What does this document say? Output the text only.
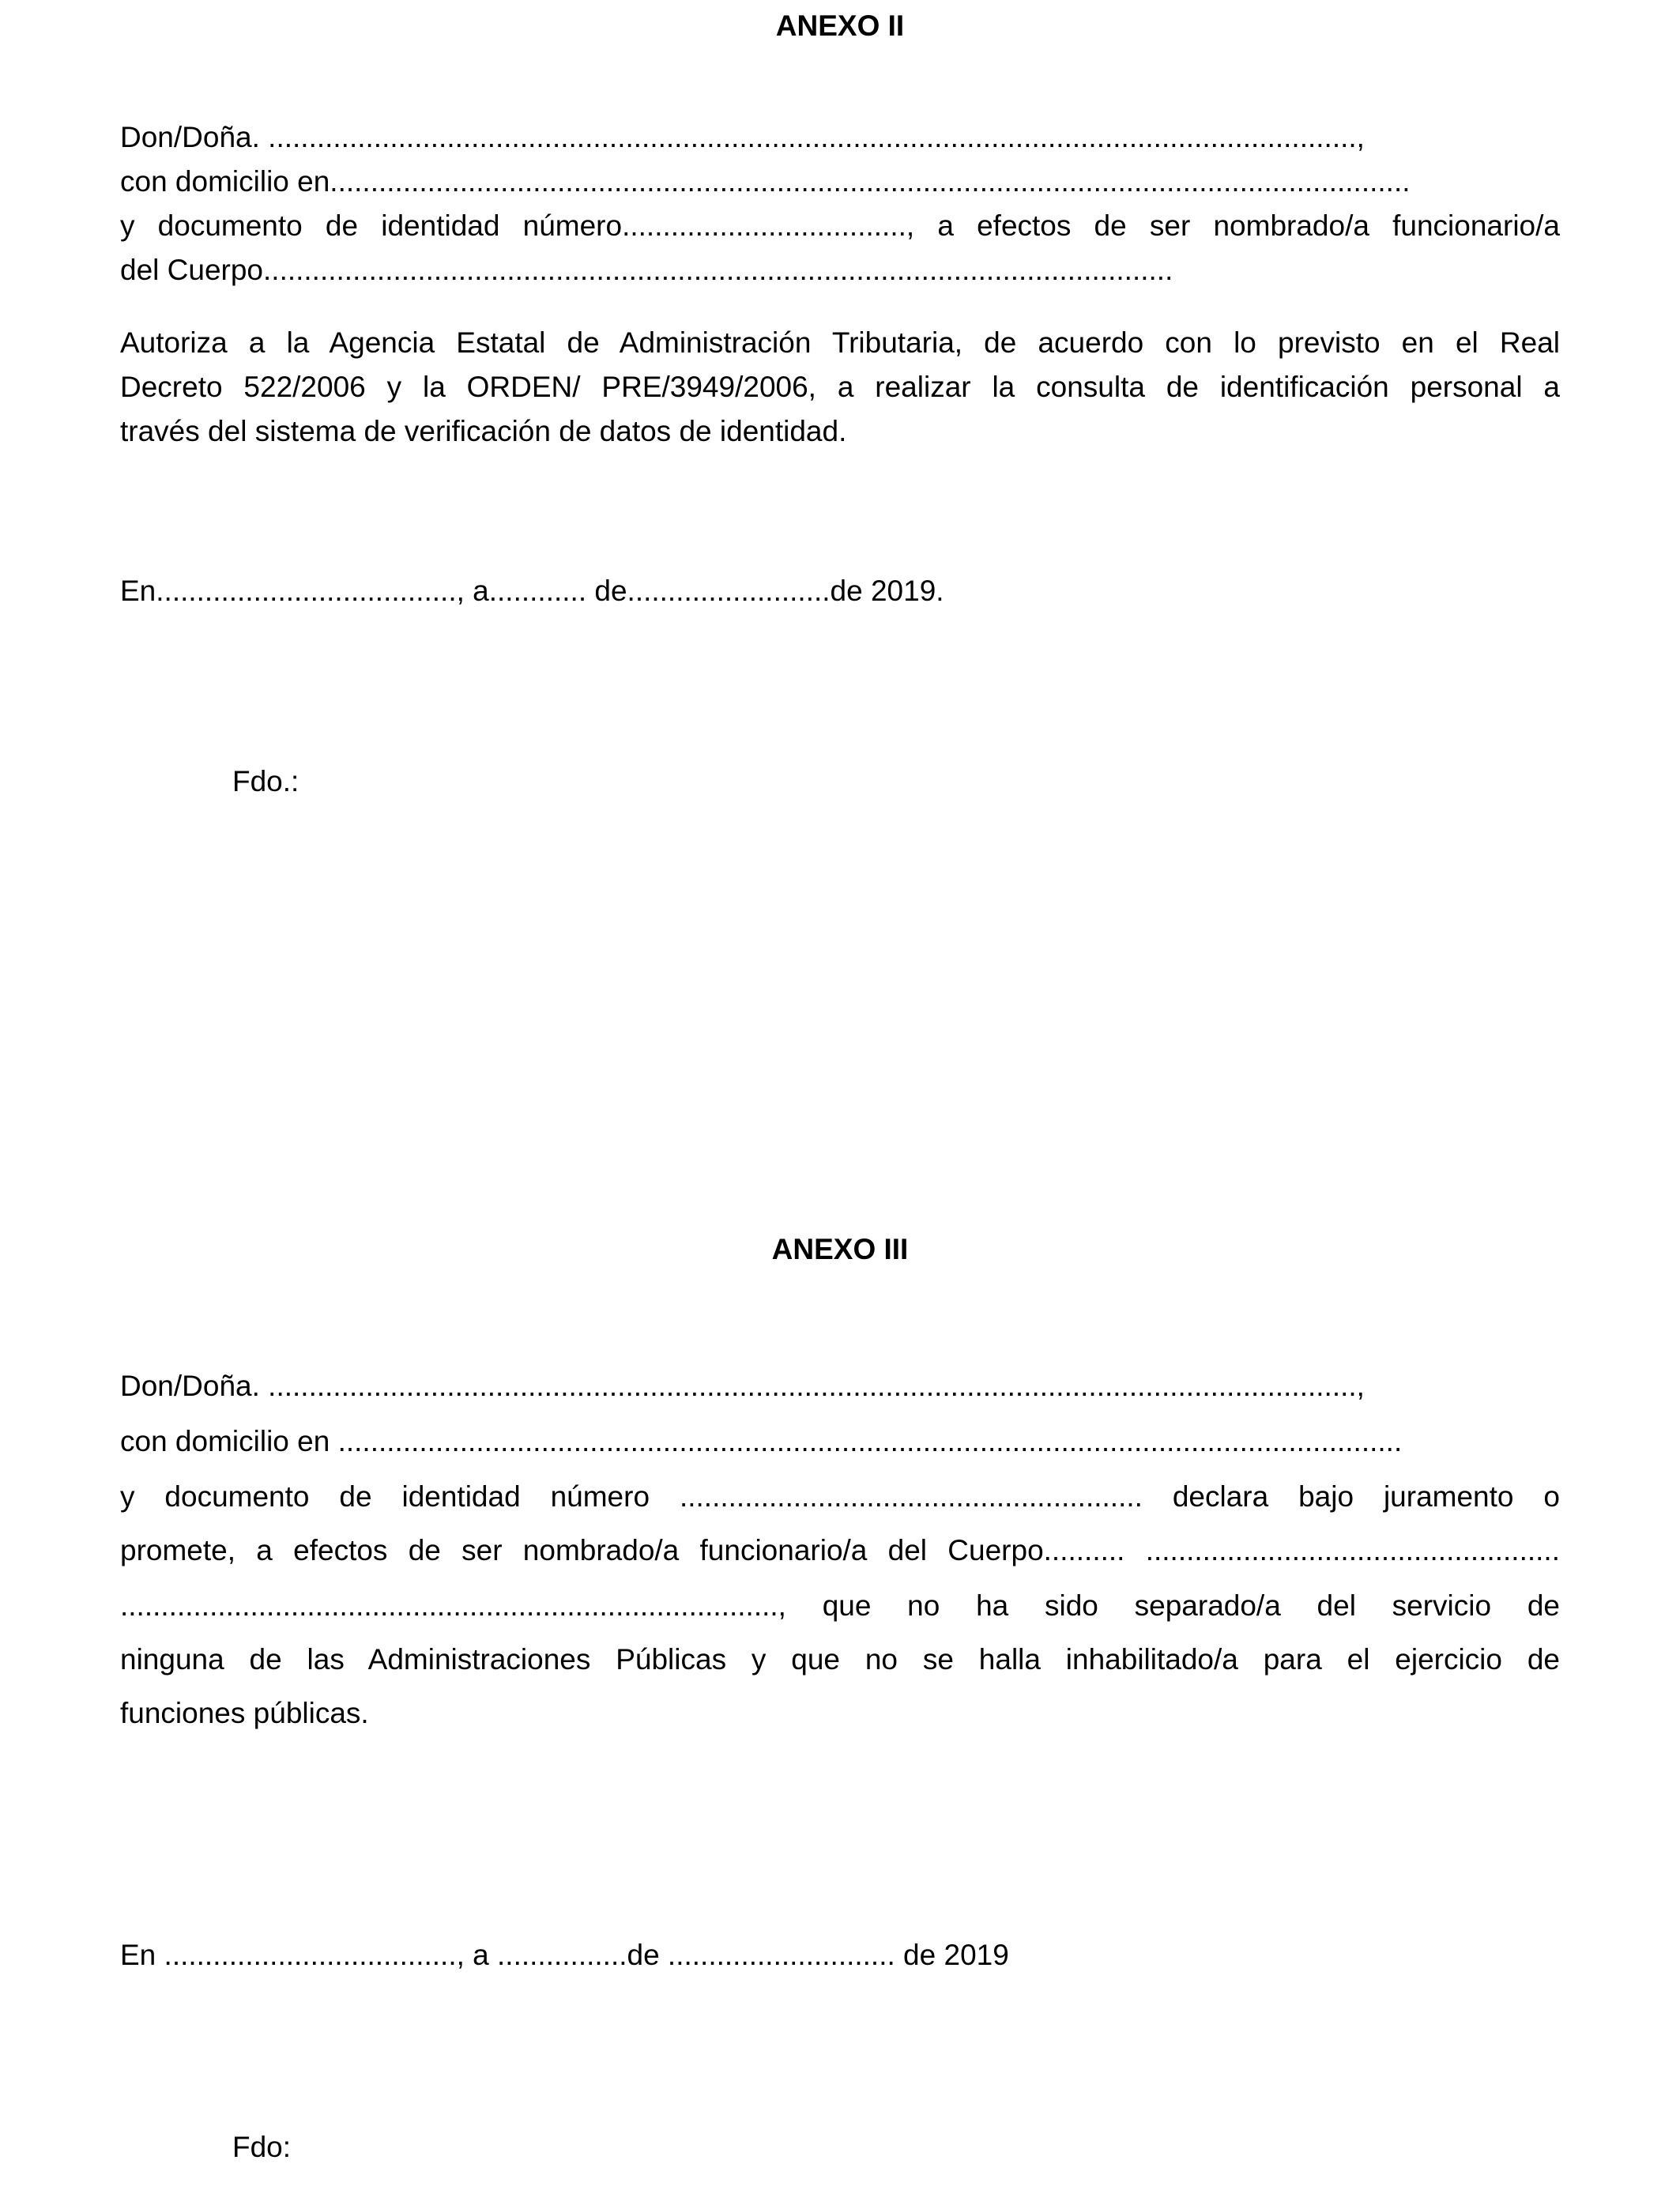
ANEXO II
Don/Doña. ......................................................................................................................................,
con domicilio en.....................................................................................................................................
y documento de identidad número..................................., a efectos de ser nombrado/a funcionario/a
del Cuerpo................................................................................................................
Autoriza a la Agencia Estatal de Administración Tributaria, de acuerdo con lo previsto en el Real
Decreto 522/2006 y la ORDEN/ PRE/3949/2006, a realizar la consulta de identificación personal a
través del sistema de verificación de datos de identidad.
En....................................., a............ de.........................de 2019.
Fdo.:
ANEXO III
Don/Doña. ......................................................................................................................................,
con domicilio en ...................................................................................................................................
y documento de identidad número ......................................................... declara bajo juramento o
promete, a efectos de ser nombrado/a funcionario/a del Cuerpo.......... ...................................................
................................................................................., que no ha sido separado/a del servicio de
ninguna de las Administraciones Públicas y que no se halla inhabilitado/a para el ejercicio de
funciones públicas.
En ...................................., a ................de ............................ de 2019
Fdo:
